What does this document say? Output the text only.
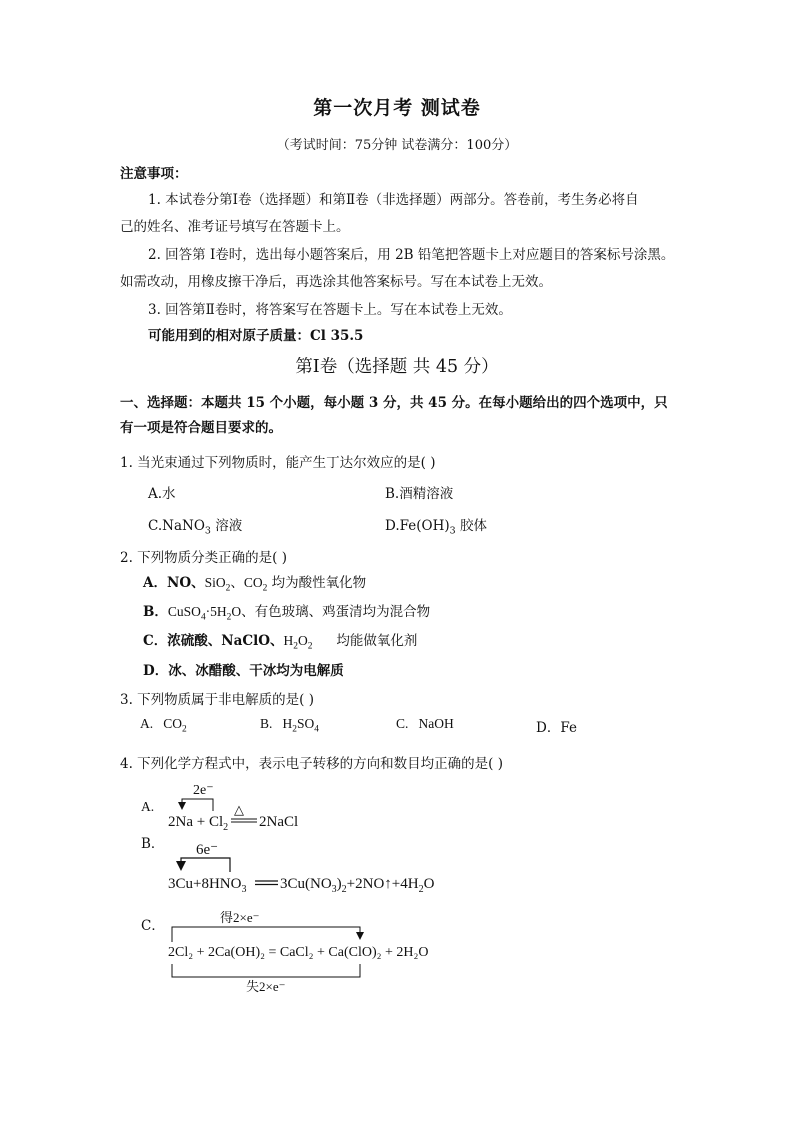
第一次月考 测试卷
（考试时间：75分钟 试卷满分：100分）
注意事项：
1. 本试卷分第Ⅰ卷（选择题）和第Ⅱ卷（非选择题）两部分。答卷前，考生务必将自
己的姓名、准考证号填写在答题卡上。
2. 回答第 Ⅰ卷时，选出每小题答案后，用 2B 铅笔把答题卡上对应题目的答案标号涂黑。
如需改动，用橡皮擦干净后，再选涂其他答案标号。写在本试卷上无效。
3. 回答第Ⅱ卷时，将答案写在答题卡上。写在本试卷上无效。
可能用到的相对原子质量：Cl 35.5
第Ⅰ卷（选择题 共 45 分）
一、选择题：本题共 15 个小题，每小题 3 分，共 45 分。在每小题给出的四个选项中，只
有一项是符合题目要求的。
1. 当光束通过下列物质时，能产生丁达尔效应的是( )
A.水	B.酒精溶液
C.NaNO$_3$ 溶液	$D.Fe(OH)_3$ 胶体
2. 下列物质分类正确的是( )
A．NO、SiO$_2$、$CO_2$ 均为酸性氧化物
B．$CuSO_4\cdot 5H_2O$、有色玻璃、鸡蛋清均为混合物
C．浓硫酸、NaClO、$H_2O_2$ 均能做氧化剂
D．冰、冰醋酸、干冰均为电解质
3. 下列物质属于非电解质的是( )
A. $CO_2$	B. $H_2SO_4$	C. NaOH	D．Fe
4. 下列化学方程式中，表示电子转移的方向和数目均正确的是( )
A.
2e⁻
$2Na + Cl_2$
△
2NaCl
B． 6e⁻
$3Cu+8HNO_3$ $3Cu(NO_3)_2+2NO↑+4H_2O$
C．
得2×e⁻
2Cl₂ + 2Ca(OH)₂ = CaCl₂ + Ca(ClO)₂ + 2H₂O
失2×e⁻
